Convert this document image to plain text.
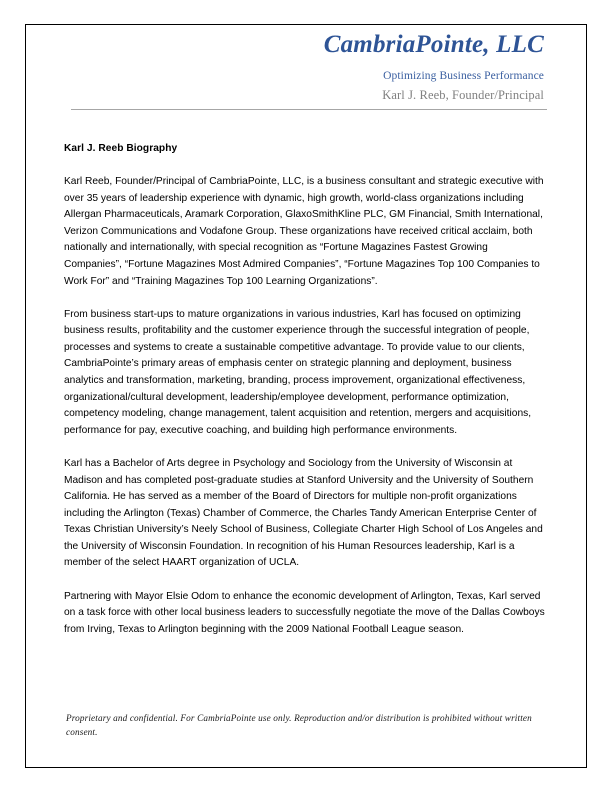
CambriaPointe, LLC
Optimizing Business Performance
Karl J. Reeb, Founder/Principal
Karl J. Reeb Biography

Karl Reeb, Founder/Principal of CambriaPointe, LLC, is a business consultant and strategic executive with over 35 years of leadership experience with dynamic, high growth, world-class organizations including Allergan Pharmaceuticals, Aramark Corporation, GlaxoSmithKline PLC, GM Financial, Smith International, Verizon Communications and Vodafone Group. These organizations have received critical acclaim, both nationally and internationally, with special recognition as “Fortune Magazines Fastest Growing Companies”, “Fortune Magazines Most Admired Companies”, “Fortune Magazines Top 100 Companies to Work For” and “Training Magazines Top 100 Learning Organizations”.

From business start-ups to mature organizations in various industries, Karl has focused on optimizing business results, profitability and the customer experience through the successful integration of people, processes and systems to create a sustainable competitive advantage. To provide value to our clients, CambriaPointe’s primary areas of emphasis center on strategic planning and deployment, business analytics and transformation, marketing, branding, process improvement, organizational effectiveness, organizational/cultural development, leadership/employee development, performance optimization, competency modeling, change management, talent acquisition and retention, mergers and acquisitions, performance for pay, executive coaching, and building high performance environments.

Karl has a Bachelor of Arts degree in Psychology and Sociology from the University of Wisconsin at Madison and has completed post-graduate studies at Stanford University and the University of Southern California. He has served as a member of the Board of Directors for multiple non-profit organizations including the Arlington (Texas) Chamber of Commerce, the Charles Tandy American Enterprise Center of Texas Christian University’s Neely School of Business, Collegiate Charter High School of Los Angeles and the University of Wisconsin Foundation. In recognition of his Human Resources leadership, Karl is a member of the select HAART organization of UCLA.

Partnering with Mayor Elsie Odom to enhance the economic development of Arlington, Texas, Karl served on a task force with other local business leaders to successfully negotiate the move of the Dallas Cowboys from Irving, Texas to Arlington beginning with the 2009 National Football League season.

Proprietary and confidential. For CambriaPointe use only. Reproduction and/or distribution is prohibited without written consent.
